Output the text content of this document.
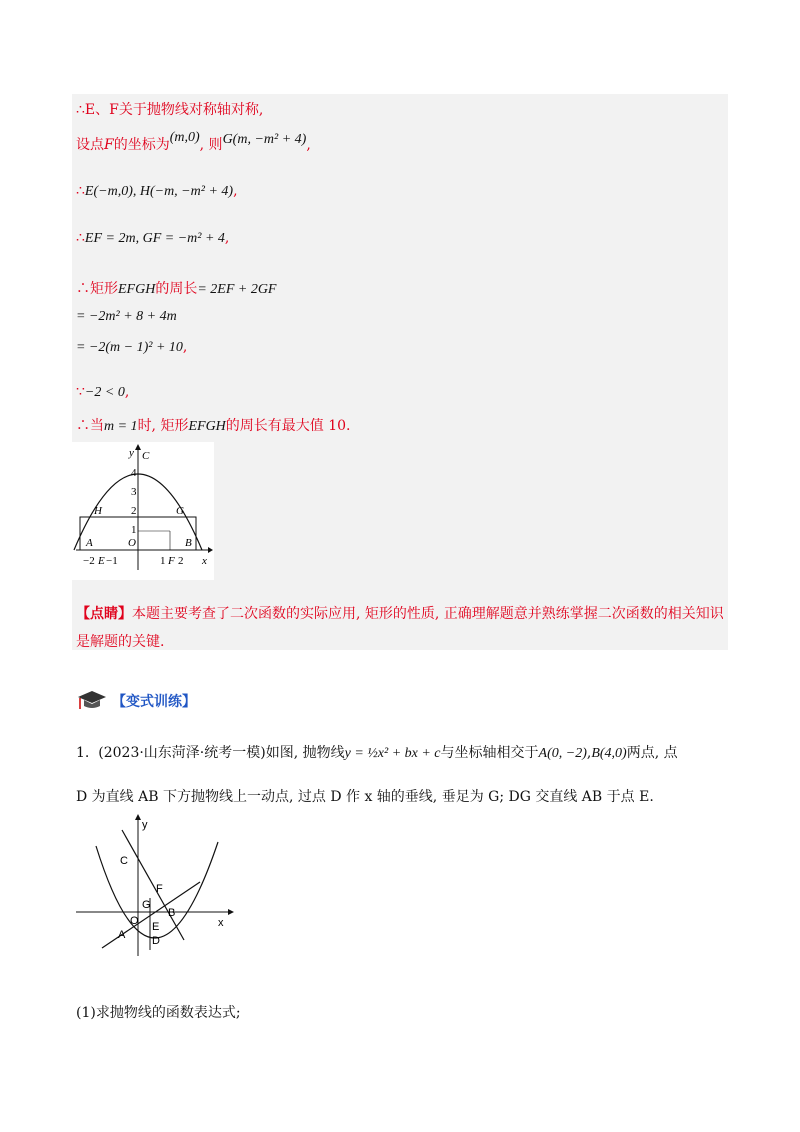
∴E、F关于抛物线对称轴对称,
设点F的坐标为(m,0), 则G(m, −m² + 4),
∴E(−m,0), H(−m, −m² + 4),
∴EF = 2m, GF = −m² + 4,
∴矩形EFGH的周长= 2EF + 2GF
= −2m² + 8 + 4m
= −2(m − 1)² + 10,
∵−2 < 0,
∴当m = 1时, 矩形EFGH的周长有最大值 10.
y C
4
3
2
1
H	G
A	B
O
−2 E −1	1 F 2 x
【点睛】本题主要考查了二次函数的实际应用, 矩形的性质, 正确理解题意并熟练掌握二次函数的相关知识是解题的关键.
【变式训练】
1. (2023·山东菏泽·统考一模)如图, 抛物线y = ½x² + bx + c与坐标轴相交于A(0, −2),B(4,0)两点, 点
D 为直线 AB 下方抛物线上一动点, 过点 D 作 x 轴的垂线, 垂足为 G; DG 交直线 AB 于点 E.
y
x
C
F
G
O
B
A
E
D
(1)求抛物线的函数表达式;
